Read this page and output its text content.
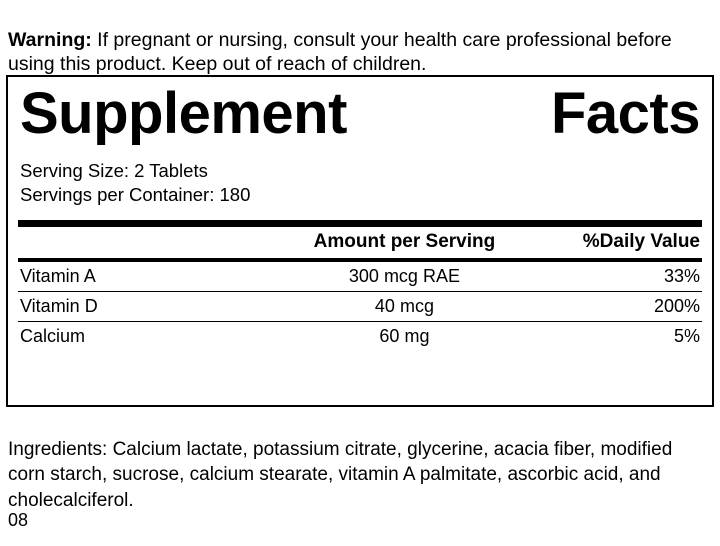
Warning: If pregnant or nursing, consult your health care professional before using this product. Keep out of reach of children.

Supplement	Facts
Serving Size: 2 Tablets
Servings per Container: 180
	Amount per Serving	%Daily Value
Vitamin A	300 mcg RAE	33%
Vitamin D	40 mcg	200%
Calcium	60 mg	5%

Ingredients: Calcium lactate, potassium citrate, glycerine, acacia fiber, modified corn starch, sucrose, calcium stearate, vitamin A palmitate, ascorbic acid, and cholecalciferol.

08
